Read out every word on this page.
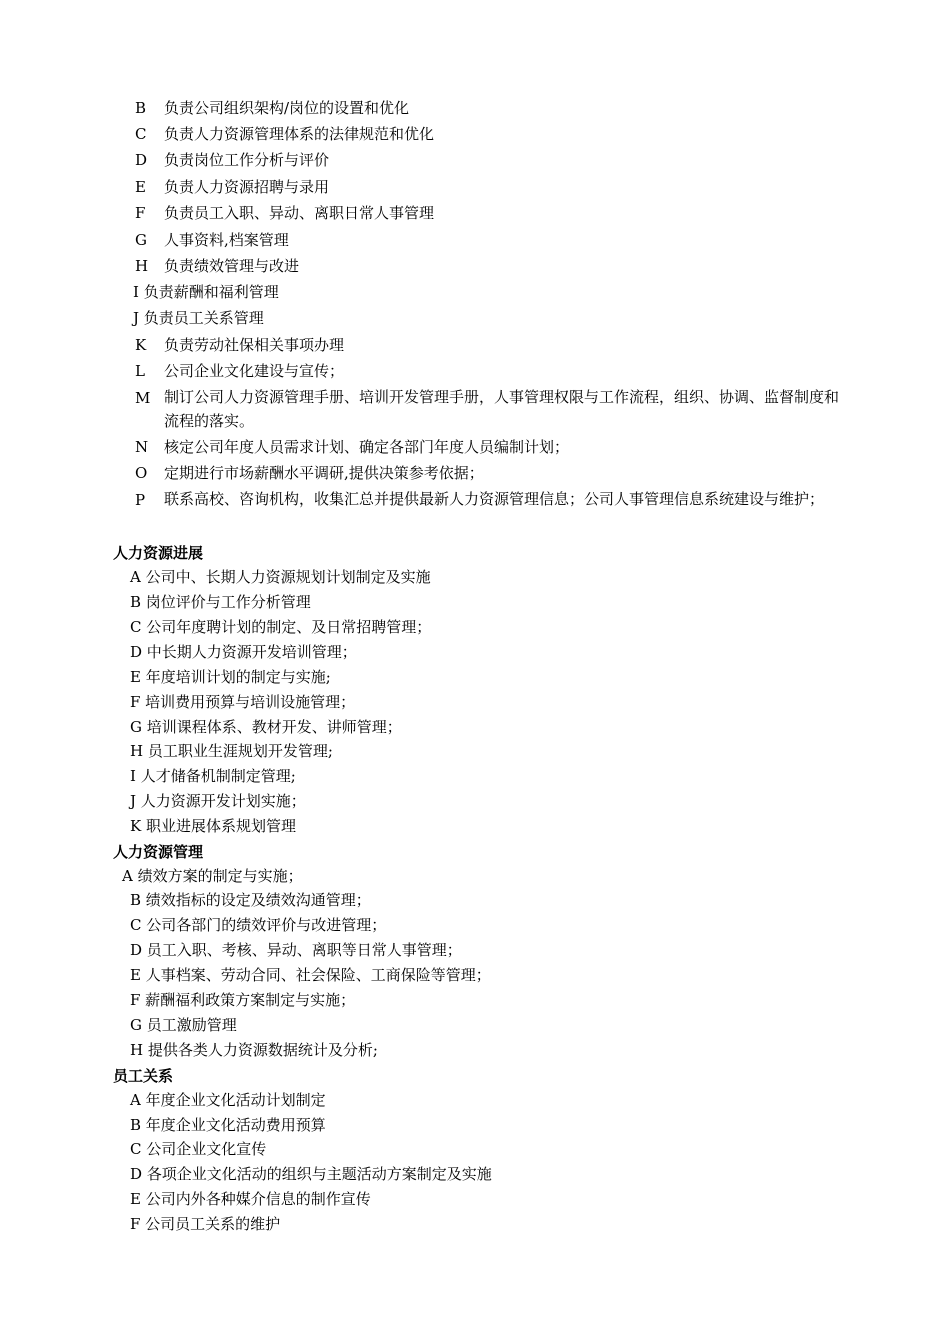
B	负责公司组织架构/岗位的设置和优化
C	负责人力资源管理体系的法律规范和优化
D	负责岗位工作分析与评价
E	负责人力资源招聘与录用
F	负责员工入职、异动、离职日常人事管理
G	人事资料,档案管理
H	负责绩效管理与改进
I 负责薪酬和福利管理
J 负责员工关系管理
K	负责劳动社保相关事项办理
L	公司企业文化建设与宣传；
M 制订公司人力资源管理手册、培训开发管理手册，人事管理权限与工作流程，组织、协调、监督制度和流程的落实。
N	核定公司年度人员需求计划、确定各部门年度人员编制计划；
O	定期进行市场薪酬水平调研,提供决策参考依据；
P	联系高校、咨询机构，收集汇总并提供最新人力资源管理信息；公司人事管理信息系统建设与维护；
人力资源进展
A 公司中、长期人力资源规划计划制定及实施
B 岗位评价与工作分析管理
C 公司年度聘计划的制定、及日常招聘管理；
D 中长期人力资源开发培训管理；
E 年度培训计划的制定与实施;
F 培训费用预算与培训设施管理；
G 培训课程体系、教材开发、讲师管理；
H 员工职业生涯规划开发管理;
I 人才储备机制制定管理;
J 人力资源开发计划实施；
K 职业进展体系规划管理
人力资源管理
A 绩效方案的制定与实施；
B 绩效指标的设定及绩效沟通管理；
C 公司各部门的绩效评价与改进管理；
D 员工入职、考核、异动、离职等日常人事管理；
E 人事档案、劳动合同、社会保险、工商保险等管理；
F 薪酬福利政策方案制定与实施；
G 员工激励管理
H 提供各类人力资源数据统计及分析;
员工关系
A 年度企业文化活动计划制定
B 年度企业文化活动费用预算
C 公司企业文化宣传
D 各项企业文化活动的组织与主题活动方案制定及实施
E 公司内外各种媒介信息的制作宣传
F 公司员工关系的维护
